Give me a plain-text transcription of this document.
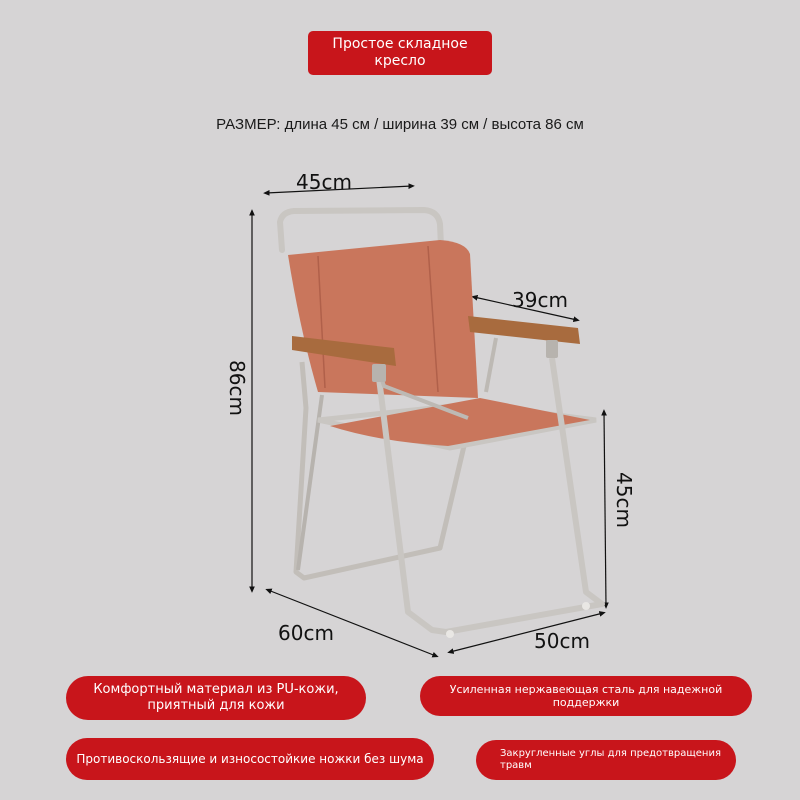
Простое складное кресло
РАЗМЕР: длина 45 см / ширина 39 см / высота 86 см
45cm
39cm
86cm
45cm
60cm	50cm
Комфортный материал из PU-кожи, приятный для кожи
Усиленная нержавеющая сталь для надежной поддержки
Противоскользящие и износостойкие ножки без шума	Закругленные углы для предотвращения травм
